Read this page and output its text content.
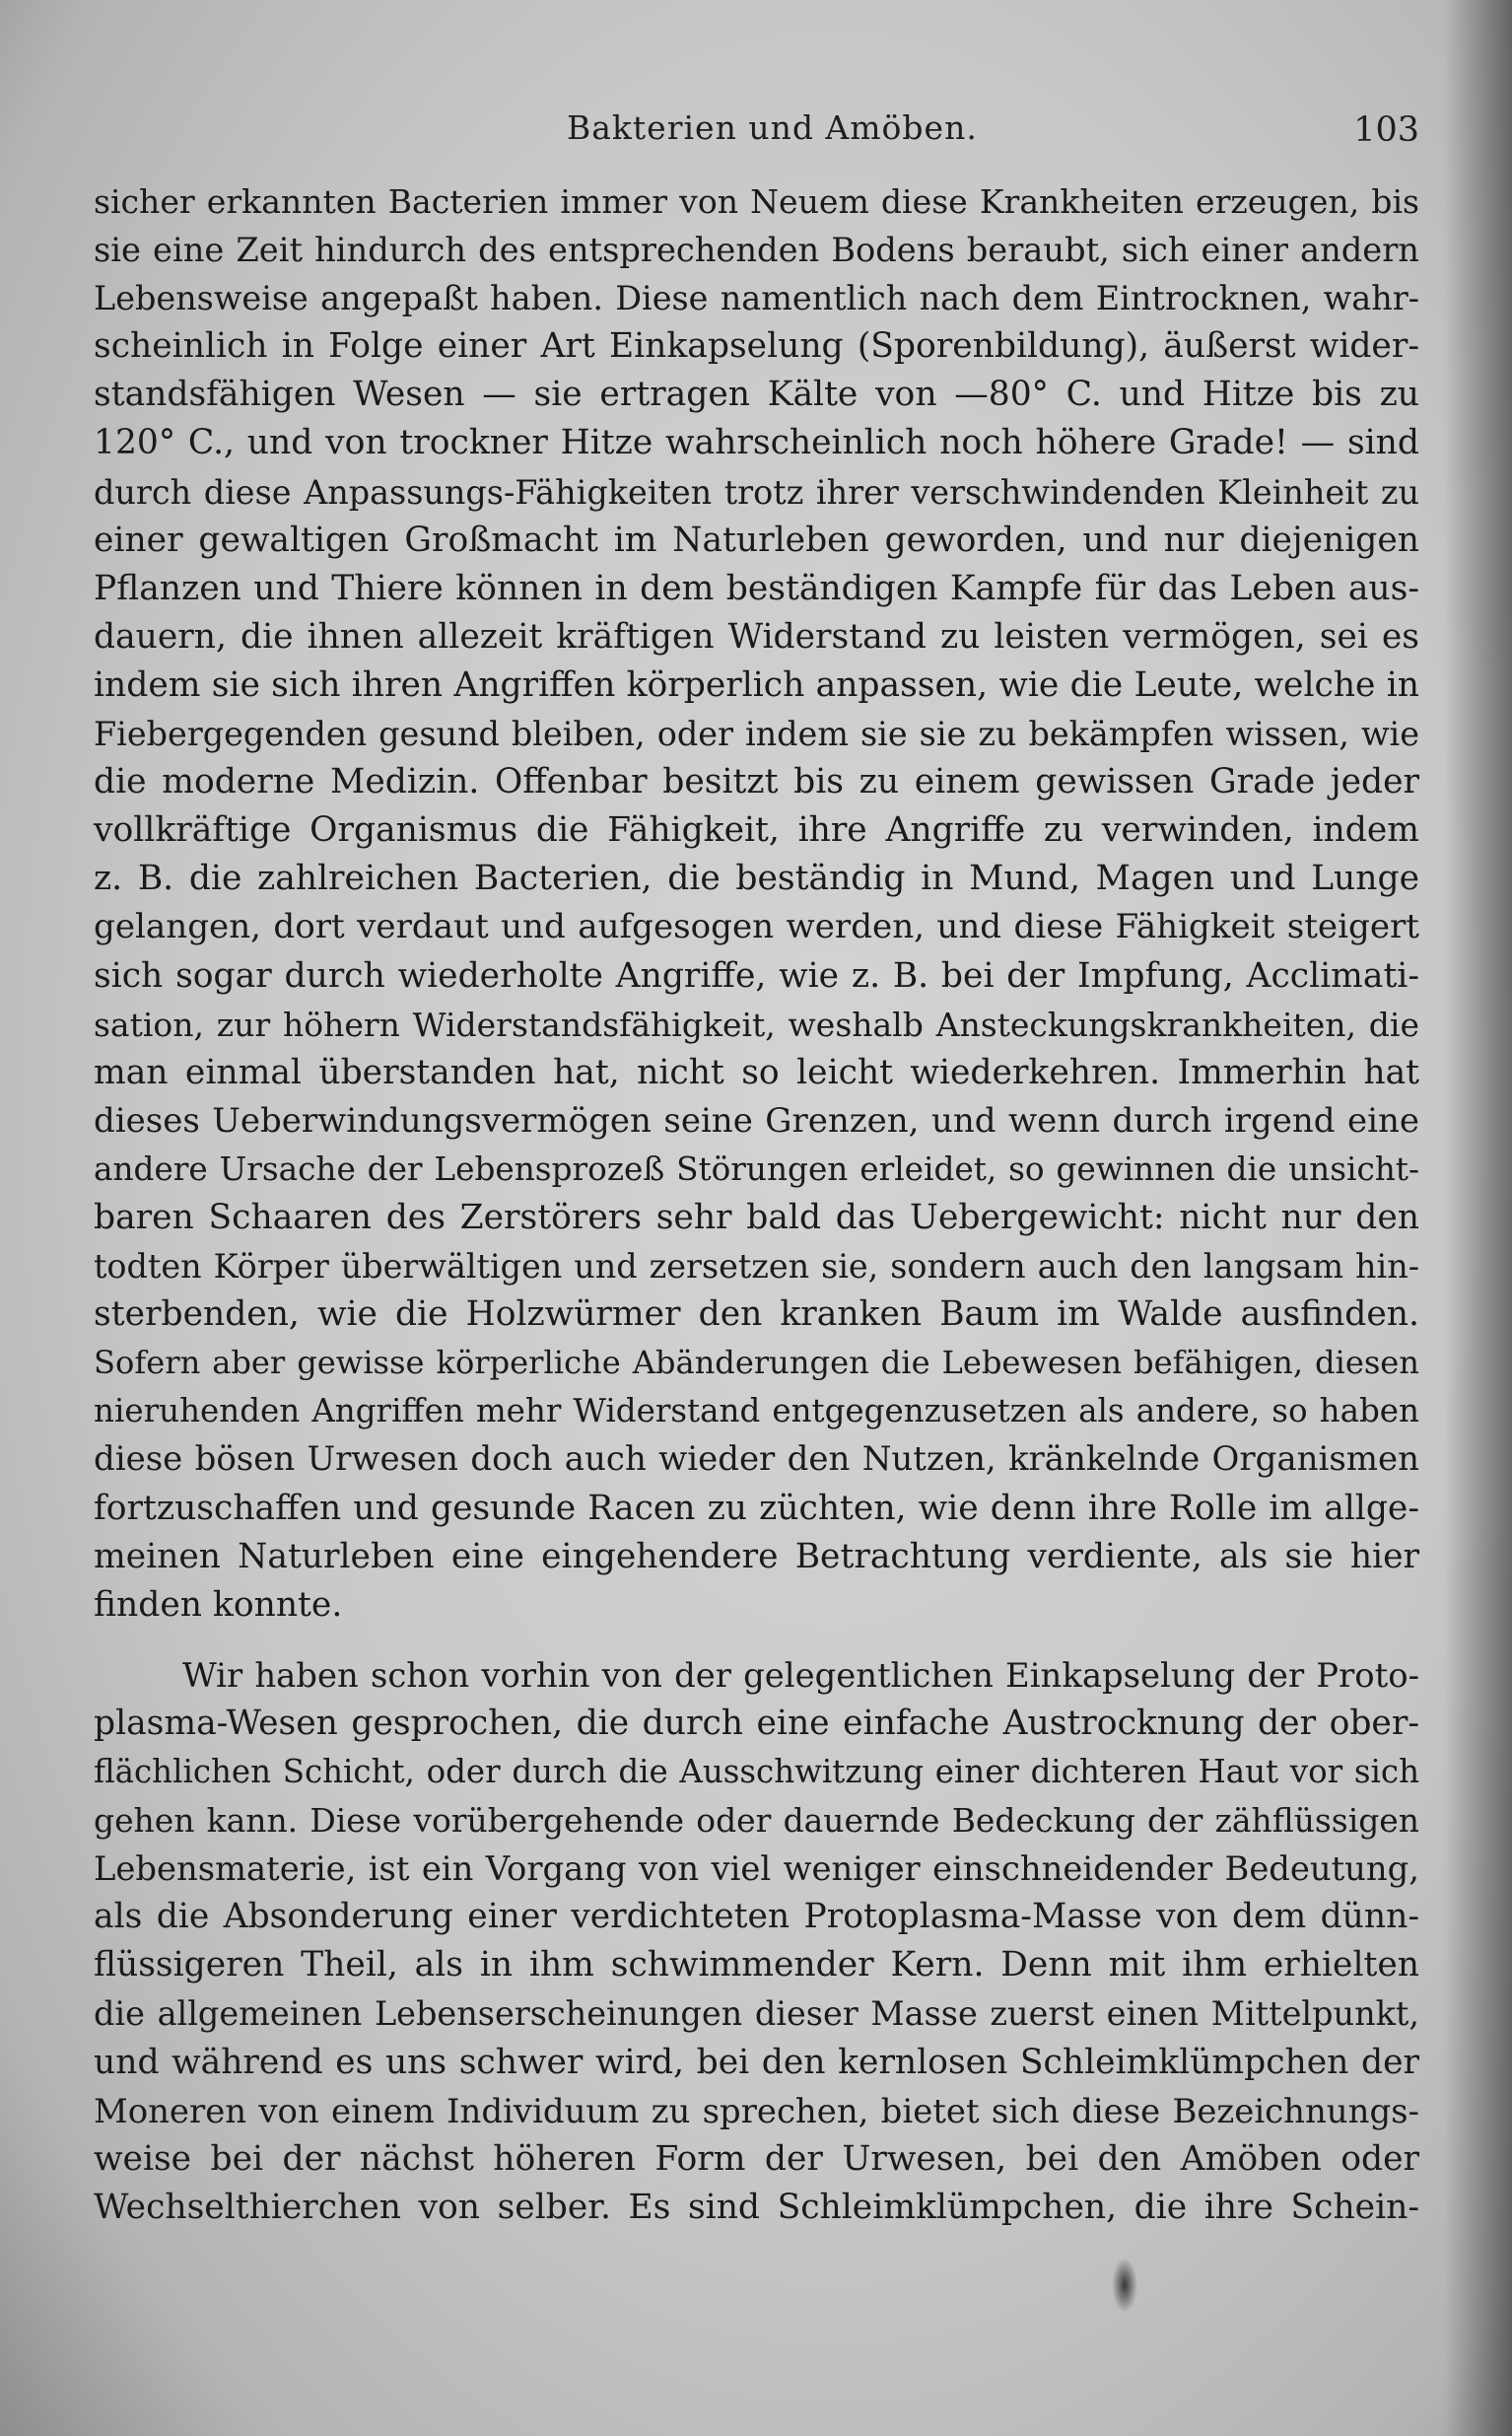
Bakterien und Amöben.	103
sicher erkannten Bacterien immer von Neuem diese Krankheiten erzeugen, bis
sie eine Zeit hindurch des entsprechenden Bodens beraubt, sich einer andern
Lebensweise angepaßt haben. Diese namentlich nach dem Eintrocknen, wahr-
scheinlich in Folge einer Art Einkapselung (Sporenbildung), äußerst wider-
standsfähigen Wesen — sie ertragen Kälte von —80° C. und Hitze bis zu
120° C., und von trockner Hitze wahrscheinlich noch höhere Grade! — sind
durch diese Anpassungs-Fähigkeiten trotz ihrer verschwindenden Kleinheit zu
einer gewaltigen Großmacht im Naturleben geworden, und nur diejenigen
Pflanzen und Thiere können in dem beständigen Kampfe für das Leben aus-
dauern, die ihnen allezeit kräftigen Widerstand zu leisten vermögen, sei es
indem sie sich ihren Angriffen körperlich anpassen, wie die Leute, welche in
Fiebergegenden gesund bleiben, oder indem sie sie zu bekämpfen wissen, wie
die moderne Medizin. Offenbar besitzt bis zu einem gewissen Grade jeder
vollkräftige Organismus die Fähigkeit, ihre Angriffe zu verwinden, indem
z. B. die zahlreichen Bacterien, die beständig in Mund, Magen und Lunge
gelangen, dort verdaut und aufgesogen werden, und diese Fähigkeit steigert
sich sogar durch wiederholte Angriffe, wie z. B. bei der Impfung, Acclimati-
sation, zur höhern Widerstandsfähigkeit, weshalb Ansteckungskrankheiten, die
man einmal überstanden hat, nicht so leicht wiederkehren. Immerhin hat
dieses Ueberwindungsvermögen seine Grenzen, und wenn durch irgend eine
andere Ursache der Lebensprozeß Störungen erleidet, so gewinnen die unsicht-
baren Schaaren des Zerstörers sehr bald das Uebergewicht: nicht nur den
todten Körper überwältigen und zersetzen sie, sondern auch den langsam hin-
sterbenden, wie die Holzwürmer den kranken Baum im Walde ausfinden.
Sofern aber gewisse körperliche Abänderungen die Lebewesen befähigen, diesen
nieruhenden Angriffen mehr Widerstand entgegenzusetzen als andere, so haben
diese bösen Urwesen doch auch wieder den Nutzen, kränkelnde Organismen
fortzuschaffen und gesunde Racen zu züchten, wie denn ihre Rolle im allge-
meinen Naturleben eine eingehendere Betrachtung verdiente, als sie hier
finden konnte.
Wir haben schon vorhin von der gelegentlichen Einkapselung der Proto-
plasma-Wesen gesprochen, die durch eine einfache Austrocknung der ober-
flächlichen Schicht, oder durch die Ausschwitzung einer dichteren Haut vor sich
gehen kann. Diese vorübergehende oder dauernde Bedeckung der zähflüssigen
Lebensmaterie, ist ein Vorgang von viel weniger einschneidender Bedeutung,
als die Absonderung einer verdichteten Protoplasma-Masse von dem dünn-
flüssigeren Theil, als in ihm schwimmender Kern. Denn mit ihm erhielten
die allgemeinen Lebenserscheinungen dieser Masse zuerst einen Mittelpunkt,
und während es uns schwer wird, bei den kernlosen Schleimklümpchen der
Moneren von einem Individuum zu sprechen, bietet sich diese Bezeichnungs-
weise bei der nächst höheren Form der Urwesen, bei den Amöben oder
Wechselthierchen von selber. Es sind Schleimklümpchen, die ihre Schein-
